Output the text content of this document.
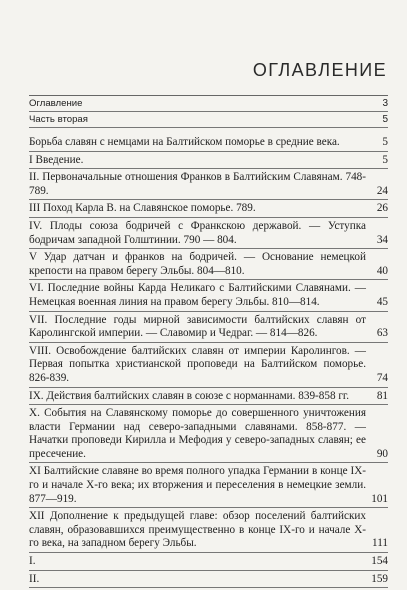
ОГЛАВЛЕНИЕ
Оглавление	3
Часть вторая	5
Борьба славян с немцами на Балтийском поморье в средние века.	5
I Введение.	5
II. Первоначальные отношения Франков в Балтийским Славянам. 748-789.	24
III Поход Карла В. на Славянское поморье. 789.	26
IV. Плоды союза бодричей с Франкскою державой. — Уступка бодричам западной Голштинии. 790 — 804.	34
V Удар датчан и франков на бодричей. — Основание немецкой крепости на правом берегу Эльбы. 804—810.	40
VI. Последние войны Карда Неликаго с Балтийскими Славянами. — Немецкая военная линия на правом берегу Эльбы. 810—814.	45
VII. Последние годы мирной зависимости балтийских славян от Каролингской империи. — Славомир и Чедраг. — 814—826.	63
VIII. Освобождение балтийских славян от империи Каролингов. — Первая попытка христианской проповеди на Балтийском поморье. 826-839.	74
IX. Действия балтийских славян в союзе с норманнами. 839-858 гг. 81
X. События на Славянскому поморье до совершенного уничтожения власти Германии над северо-западными славянами. 858-877. — Начатки проповеди Кирилла и Мефодия у северо-западных славян; ее пресечение.	90
XI Балтийские славяне во время полного упадка Германии в конце IX-го и начале X-го века; их вторжения и переселения в немецкие земли. 877—919.	101
XII Дополнение к предыдущей главе: обзор поселений балтийских славян, образовавшихся преимущественно в конце IX-го и начале X-го века, на западном берегу Эльбы.	111
I.	154
II.	159
